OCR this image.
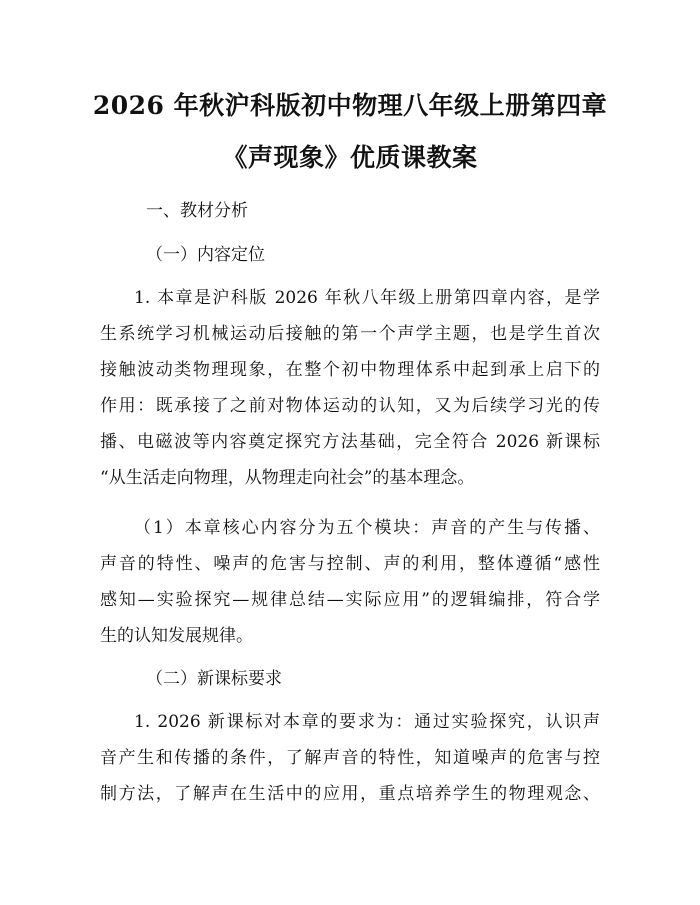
2026 年秋沪科版初中物理八年级上册第四章
《声现象》优质课教案
一、教材分析
（一）内容定位
1. 本章是沪科版 2026 年秋八年级上册第四章内容，是学
生系统学习机械运动后接触的第一个声学主题，也是学生首次
接触波动类物理现象，在整个初中物理体系中起到承上启下的
作用：既承接了之前对物体运动的认知，又为后续学习光的传
播、电磁波等内容奠定探究方法基础，完全符合 2026 新课标
“从生活走向物理，从物理走向社会”的基本理念。
（1）本章核心内容分为五个模块：声音的产生与传播、
声音的特性、噪声的危害与控制、声的利用，整体遵循“感性
感知—实验探究—规律总结—实际应用”的逻辑编排，符合学
生的认知发展规律。
（二）新课标要求
1. 2026 新课标对本章的要求为：通过实验探究，认识声
音产生和传播的条件，了解声音的特性，知道噪声的危害与控
制方法，了解声在生活中的应用，重点培养学生的物理观念、
